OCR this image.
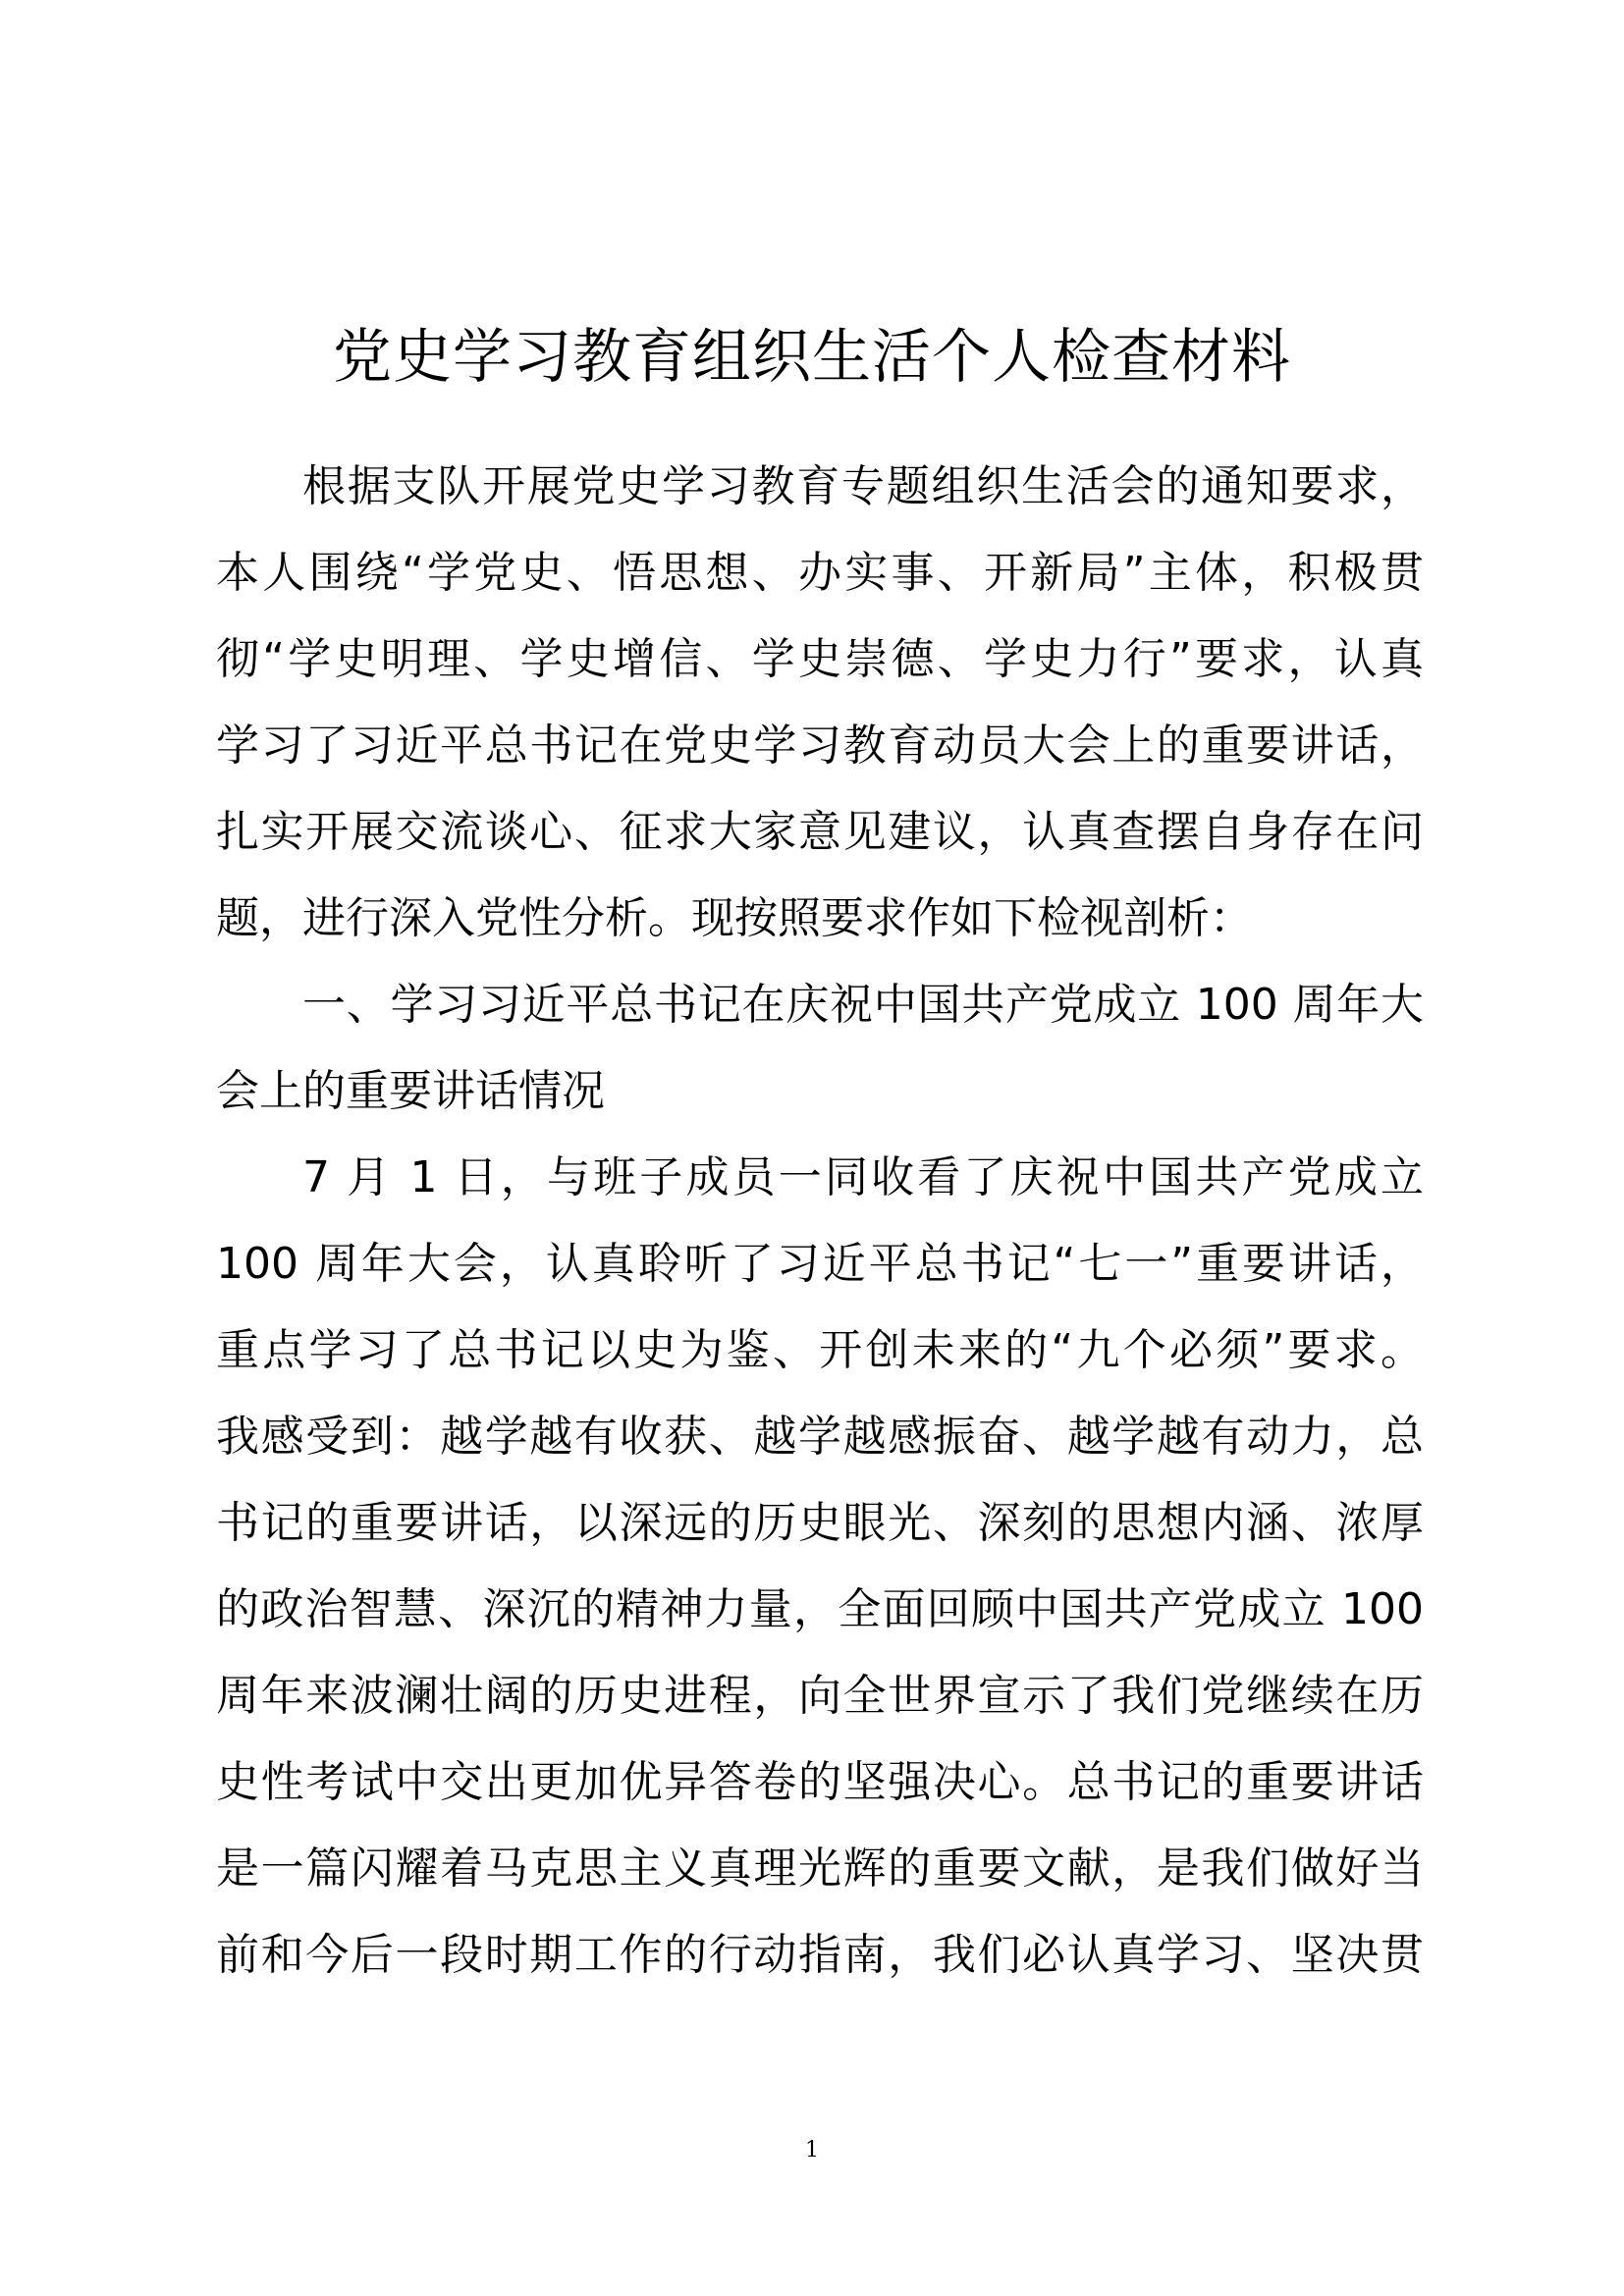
党史学习教育组织生活个人检查材料
根据支队开展党史学习教育专题组织生活会的通知要求，
本人围绕“学党史、悟思想、办实事、开新局”主体，积极贯
彻“学史明理、学史增信、学史崇德、学史力行”要求，认真
学习了习近平总书记在党史学习教育动员大会上的重要讲话，
扎实开展交流谈心、征求大家意见建议，认真查摆自身存在问
题，进行深入党性分析。现按照要求作如下检视剖析：
一、学习习近平总书记在庆祝中国共产党成立 100 周年大
会上的重要讲话情况
7 月 1 日，与班子成员一同收看了庆祝中国共产党成立
100 周年大会，认真聆听了习近平总书记“七一”重要讲话，
重点学习了总书记以史为鉴、开创未来的“九个必须”要求。
我感受到：越学越有收获、越学越感振奋、越学越有动力，总
书记的重要讲话，以深远的历史眼光、深刻的思想内涵、浓厚
的政治智慧、深沉的精神力量，全面回顾中国共产党成立 100
周年来波澜壮阔的历史进程，向全世界宣示了我们党继续在历
史性考试中交出更加优异答卷的坚强决心。总书记的重要讲话
是一篇闪耀着马克思主义真理光辉的重要文献，是我们做好当
前和今后一段时期工作的行动指南，我们必认真学习、坚决贯
1
